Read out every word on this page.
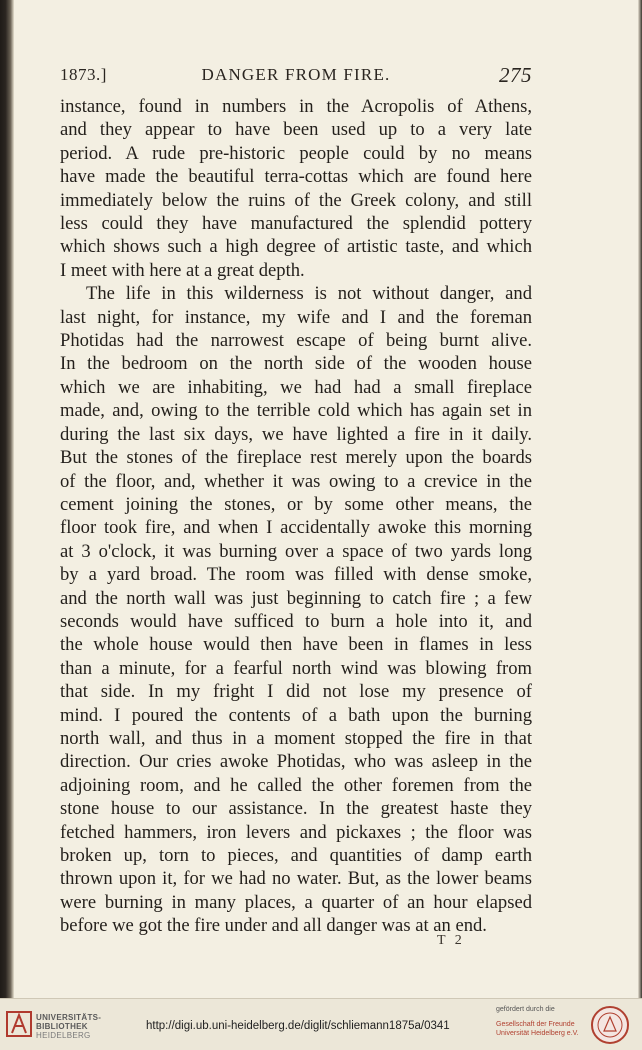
1873.]	DANGER FROM FIRE.	275
instance, found in numbers in the Acropolis of Athens,
and they appear to have been used up to a very late
period. A rude pre-historic people could by no means
have made the beautiful terra-cottas which are found here
immediately below the ruins of the Greek colony, and still
less could they have manufactured the splendid pottery
which shows such a high degree of artistic taste, and which
I meet with here at a great depth.
The life in this wilderness is not without danger, and
last night, for instance, my wife and I and the foreman
Photidas had the narrowest escape of being burnt alive.
In the bedroom on the north side of the wooden house
which we are inhabiting, we had had a small fireplace
made, and, owing to the terrible cold which has again set in
during the last six days, we have lighted a fire in it daily.
But the stones of the fireplace rest merely upon the boards
of the floor, and, whether it was owing to a crevice in the
cement joining the stones, or by some other means, the
floor took fire, and when I accidentally awoke this morning
at 3 o'clock, it was burning over a space of two yards long
by a yard broad. The room was filled with dense smoke,
and the north wall was just beginning to catch fire ; a few
seconds would have sufficed to burn a hole into it, and
the whole house would then have been in flames in less
than a minute, for a fearful north wind was blowing from
that side. In my fright I did not lose my presence of
mind. I poured the contents of a bath upon the burning
north wall, and thus in a moment stopped the fire in that
direction. Our cries awoke Photidas, who was asleep in the
adjoining room, and he called the other foremen from the
stone house to our assistance. In the greatest haste they
fetched hammers, iron levers and pickaxes ; the floor was
broken up, torn to pieces, and quantities of damp earth
thrown upon it, for we had no water. But, as the lower beams
were burning in many places, a quarter of an hour elapsed
before we got the fire under and all danger was at an end.
T 2
UNIVERSITÄTS-
BIBLIOTHEK
HEIDELBERG
http://digi.ub.uni-heidelberg.de/diglit/schliemann1875a/0341
gefördert durch die
Gesellschaft der Freunde
Universität Heidelberg e.V.
